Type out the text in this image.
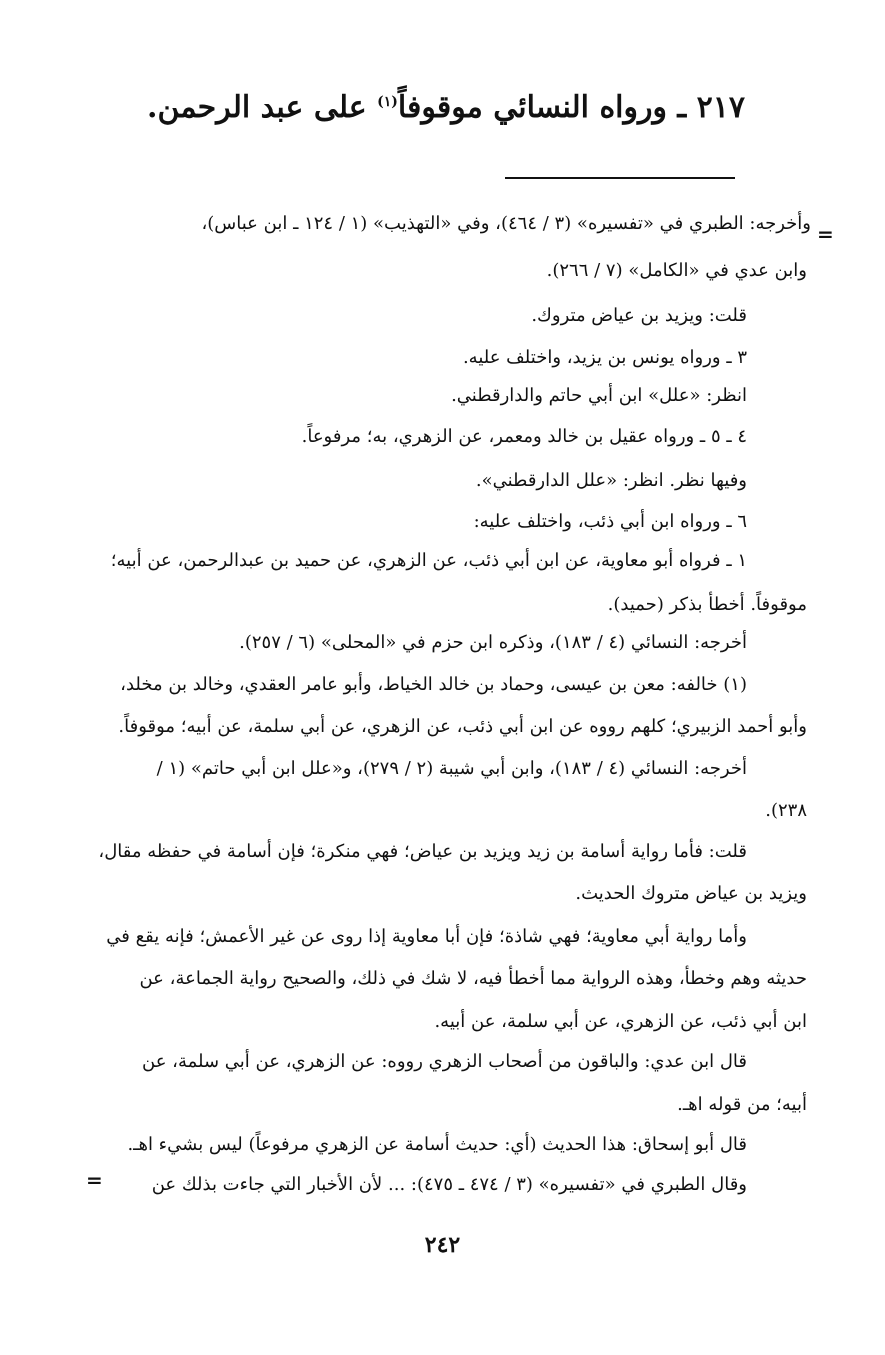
٢١٧ ـ ورواه النسائي موقوفاً$^{(١)}$ على عبد الرحمن.
=
وأخرجه: الطبري في «تفسيره» (٣ / ٤٦٤)، وفي «التهذيب» (١ / ١٢٤ ـ ابن عباس)،
وابن عدي في «الكامل» (٧ / ٢٦٦).
قلت: ويزيد بن عياض متروك.
٣ ـ ورواه يونس بن يزيد، واختلف عليه.
انظر: «علل» ابن أبي حاتم والدارقطني.
٤ ـ ٥ ـ ورواه عقيل بن خالد ومعمر، عن الزهري، به؛ مرفوعاً.
وفيها نظر. انظر: «علل الدارقطني».
٦ ـ ورواه ابن أبي ذئب، واختلف عليه:
١ ـ فرواه أبو معاوية، عن ابن أبي ذئب، عن الزهري، عن حميد بن عبدالرحمن، عن أبيه؛
موقوفاً. أخطأ بذكر (حميد).
أخرجه: النسائي (٤ / ١٨٣)، وذكره ابن حزم في «المحلى» (٦ / ٢٥٧).
(١) خالفه: معن بن عيسى، وحماد بن خالد الخياط، وأبو عامر العقدي، وخالد بن مخلد،
وأبو أحمد الزبيري؛ كلهم رووه عن ابن أبي ذئب، عن الزهري، عن أبي سلمة، عن أبيه؛ موقوفاً.
أخرجه: النسائي (٤ / ١٨٣)، وابن أبي شيبة (٢ / ٢٧٩)، و«علل ابن أبي حاتم» (١ /
٢٣٨).
قلت: فأما رواية أسامة بن زيد ويزيد بن عياض؛ فهي منكرة؛ فإن أسامة في حفظه مقال،
ويزيد بن عياض متروك الحديث.
وأما رواية أبي معاوية؛ فهي شاذة؛ فإن أبا معاوية إذا روى عن غير الأعمش؛ فإنه يقع في
حديثه وهم وخطأ، وهذه الرواية مما أخطأ فيه، لا شك في ذلك، والصحيح رواية الجماعة، عن
ابن أبي ذئب، عن الزهري، عن أبي سلمة، عن أبيه.
قال ابن عدي: والباقون من أصحاب الزهري رووه: عن الزهري، عن أبي سلمة، عن
أبيه؛ من قوله اهـ.
قال أبو إسحاق: هذا الحديث (أي: حديث أسامة عن الزهري مرفوعاً) ليس بشيء اهـ.
وقال الطبري في «تفسيره» (٣ / ٤٧٤ ـ ٤٧٥): ... لأن الأخبار التي جاءت بذلك عن
=
٢٤٢
